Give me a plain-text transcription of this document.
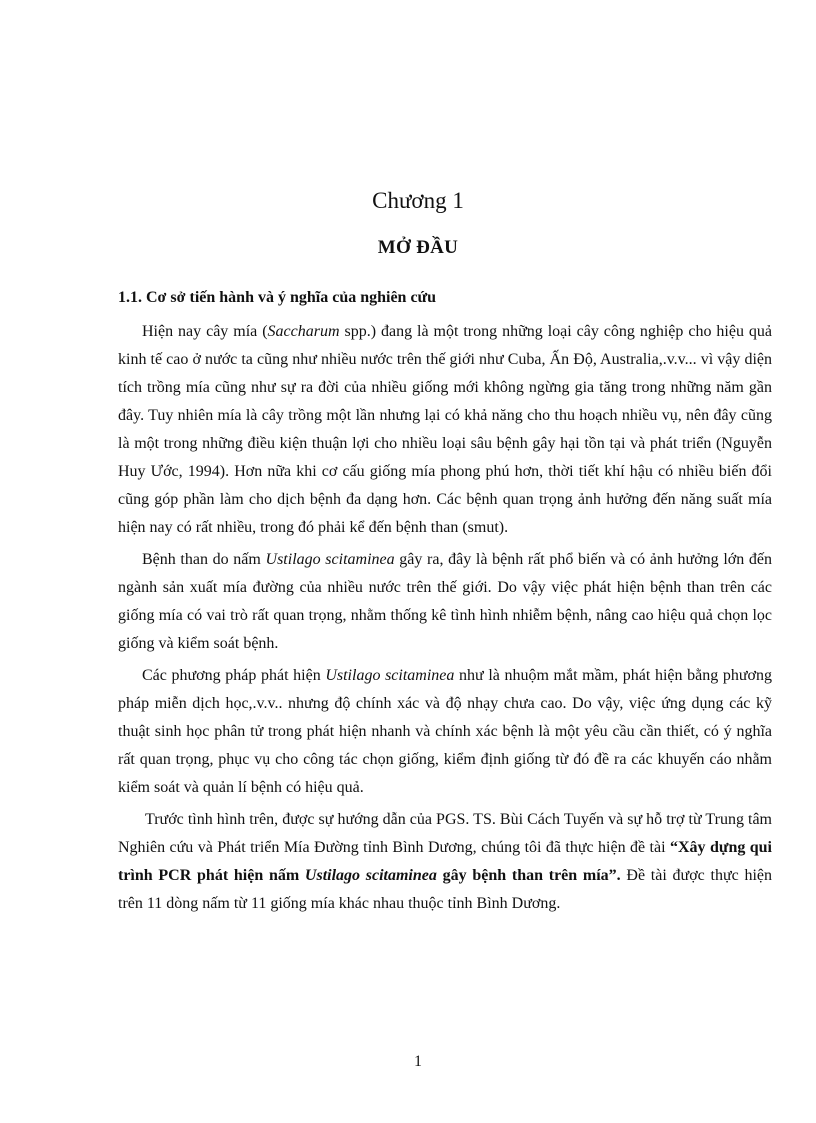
Chương 1
MỞ ĐẦU
1.1. Cơ sở tiến hành và ý nghĩa của nghiên cứu

Hiện nay cây mía (Saccharum spp.) đang là một trong những loại cây công nghiệp cho hiệu quả kinh tế cao ở nước ta cũng như nhiều nước trên thế giới như Cuba, Ấn Độ, Australia,.v.v... vì vậy diện tích trồng mía cũng như sự ra đời của nhiều giống mới không ngừng gia tăng trong những năm gần đây. Tuy nhiên mía là cây trồng một lần nhưng lại có khả năng cho thu hoạch nhiều vụ, nên đây cũng là một trong những điều kiện thuận lợi cho nhiều loại sâu bệnh gây hại tồn tại và phát triển (Nguyễn Huy Ước, 1994). Hơn nữa khi cơ cấu giống mía phong phú hơn, thời tiết khí hậu có nhiều biến đổi cũng góp phần làm cho dịch bệnh đa dạng hơn. Các bệnh quan trọng ảnh hưởng đến năng suất mía hiện nay có rất nhiều, trong đó phải kể đến bệnh than (smut).

Bệnh than do nấm Ustilago scitaminea gây ra, đây là bệnh rất phổ biến và có ảnh hưởng lớn đến ngành sản xuất mía đường của nhiều nước trên thế giới. Do vậy việc phát hiện bệnh than trên các giống mía có vai trò rất quan trọng, nhằm thống kê tình hình nhiễm bệnh, nâng cao hiệu quả chọn lọc giống và kiểm soát bệnh.

Các phương pháp phát hiện Ustilago scitaminea như là nhuộm mắt mầm, phát hiện bằng phương pháp miễn dịch học,.v.v.. nhưng độ chính xác và độ nhạy chưa cao. Do vậy, việc ứng dụng các kỹ thuật sinh học phân tử trong phát hiện nhanh và chính xác bệnh là một yêu cầu cần thiết, có ý nghĩa rất quan trọng, phục vụ cho công tác chọn giống, kiểm định giống từ đó đề ra các khuyến cáo nhằm kiểm soát và quản lí bệnh có hiệu quả.

Trước tình hình trên, được sự hướng dẫn của PGS. TS. Bùi Cách Tuyến và sự hỗ trợ từ Trung tâm Nghiên cứu và Phát triển Mía Đường tỉnh Bình Dương, chúng tôi đã thực hiện đề tài “Xây dựng qui trình PCR phát hiện nấm Ustilago scitaminea gây bệnh than trên mía”. Đề tài được thực hiện trên 11 dòng nấm từ 11 giống mía khác nhau thuộc tỉnh Bình Dương.

1
